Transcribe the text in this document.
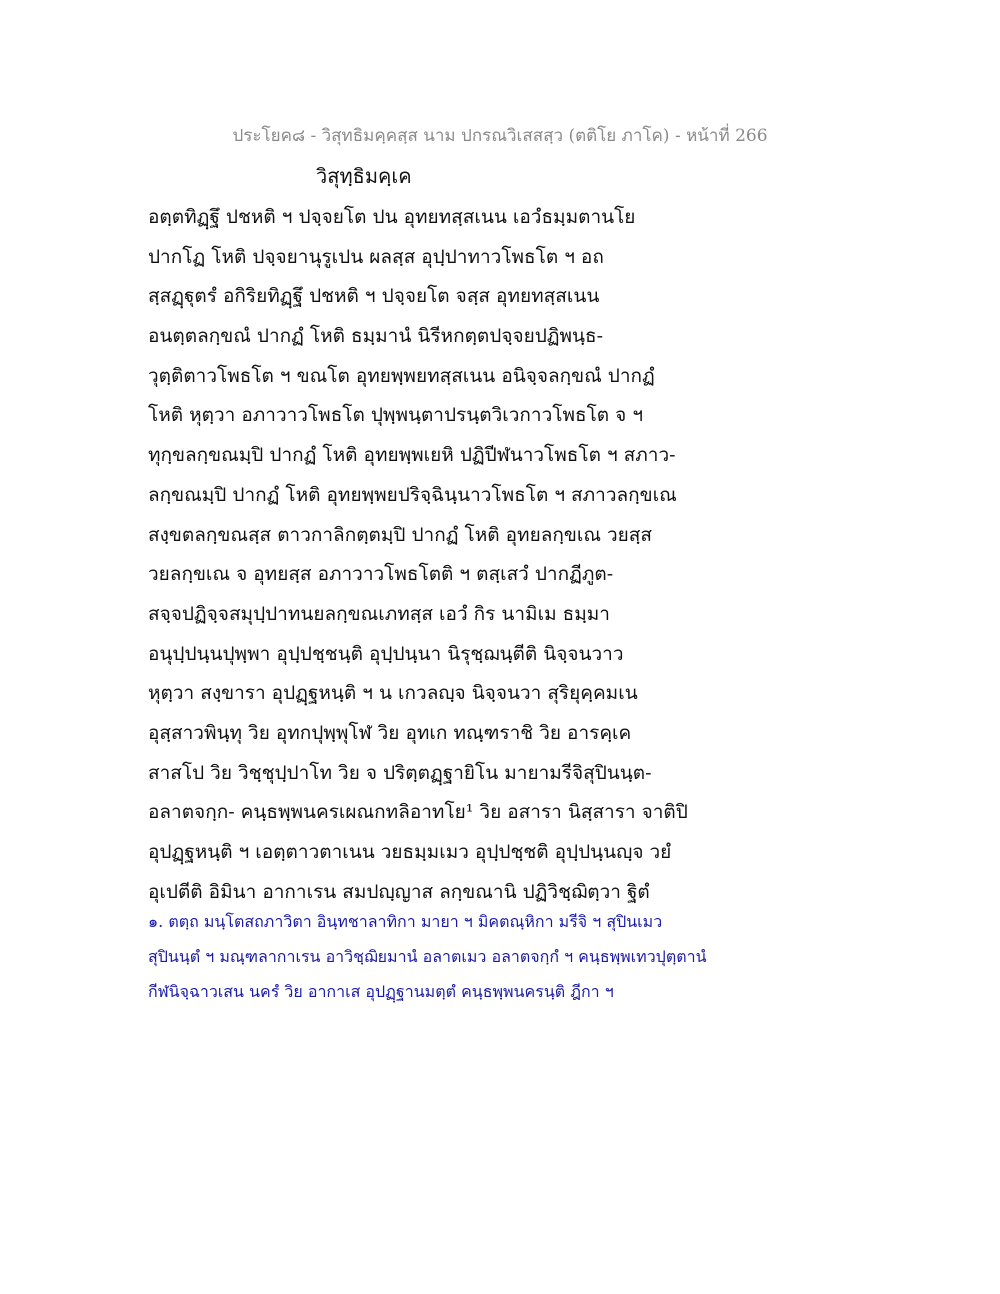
ประโยค๘ - วิสุทธิมคฺคสฺส นาม ปกรณวิเสสสฺว (ตติโย ภาโค) - หน้าที่ 266
วิสุทฺธิมคฺเค
อตฺตทิฏฺฐึ ปชหติ ฯ ปจฺจยโต ปน อุทยทสฺสเนน เอวํธมฺมตานโย
ปากโฏ โหติ ปจฺจยานุรูเปน ผลสฺส อุปฺปาทาวโพธโต ฯ อถ
สฺสฏฺฐุตรํ อกิริยทิฏฺฐึ ปชหติ ฯ ปจฺจยโต จสฺส อุทยทสฺสเนน
อนตฺตลกฺขณํ ปากฏํ โหติ ธมฺมานํ นิรีหกตฺตปจฺจยปฏิพนฺธ-
วุตฺติตาวโพธโต ฯ ขณโต อุทยพฺพยทสฺสเนน อนิจฺจลกฺขณํ ปากฏํ
โหติ หุตฺวา อภาวาวโพธโต ปุพฺพนฺตาปรนฺตวิเวกาวโพธโต จ ฯ
ทุกฺขลกฺขณมฺปิ ปากฏํ โหติ อุทยพฺพเยหิ ปฏิปีฬนาวโพธโต ฯ สภาว-
ลกฺขณมฺปิ ปากฏํ โหติ อุทยพฺพยปริจฺฉินฺนาวโพธโต ฯ สภาวลกฺขเณ
สงฺขตลกฺขณสฺส ตาวกาลิกตฺตมฺปิ ปากฏํ โหติ อุทยลกฺขเณ วยสฺส
วยลกฺขเณ จ อุทยสฺส อภาวาวโพธโตติ ฯ ตสฺเสวํ ปากฏีภูต-
สจฺจปฏิจฺจสมุปฺปาทนยลกฺขณเภทสฺส เอวํ กิร นามิเม ธมฺมา
อนุปฺปนฺนปุพฺพา อุปฺปชฺชนฺติ อุปฺปนฺนา นิรุชฺฌนฺตีติ นิจฺจนวาว
หุตฺวา สงฺขารา อุปฏฺฐหนฺติ ฯ น เกวลญฺจ นิจฺจนวา สุริยุคฺคมเน
อุสฺสาวพินฺทุ วิย อุทกปุพฺพุโฬ วิย อุทเก ทณฺฑราชิ วิย อารคฺเค
สาสโป วิย วิชฺชุปฺปาโท วิย จ ปริตฺตฏฺฐายิโน มายามรีจิสุปินนฺต-
อลาตจกฺก- คนฺธพฺพนครเผณกทลิอาทโย¹ วิย อสารา นิสฺสารา จาติปิ
อุปฏฺฐหนฺติ ฯ เอตฺตาวตาเนน วยธมฺมเมว อุปฺปชฺชติ อุปฺปนฺนญฺจ วยํ
อุเปตีติ อิมินา อากาเรน สมปญฺญาส ลกฺขณานิ ปฏิวิชฺฌิตฺวา ฐิตํ
๑. ตตฺถ มนฺโตสถภาวิตา อินฺทชาลาทิกา มายา ฯ มิคตณฺหิกา มรีจิ ฯ สุปินเมว
สุปินนฺตํ ฯ มณฺฑลากาเรน อาวิชฺฌิยมานํ อลาตเมว อลาตจกฺกํ ฯ คนฺธพฺพเทวปุตฺตานํ
กีฬนิจฺฉาวเสน นครํ วิย อากาเส อุปฏฺฐานมตฺตํ คนฺธพฺพนครนฺติ ฎีกา ฯ
